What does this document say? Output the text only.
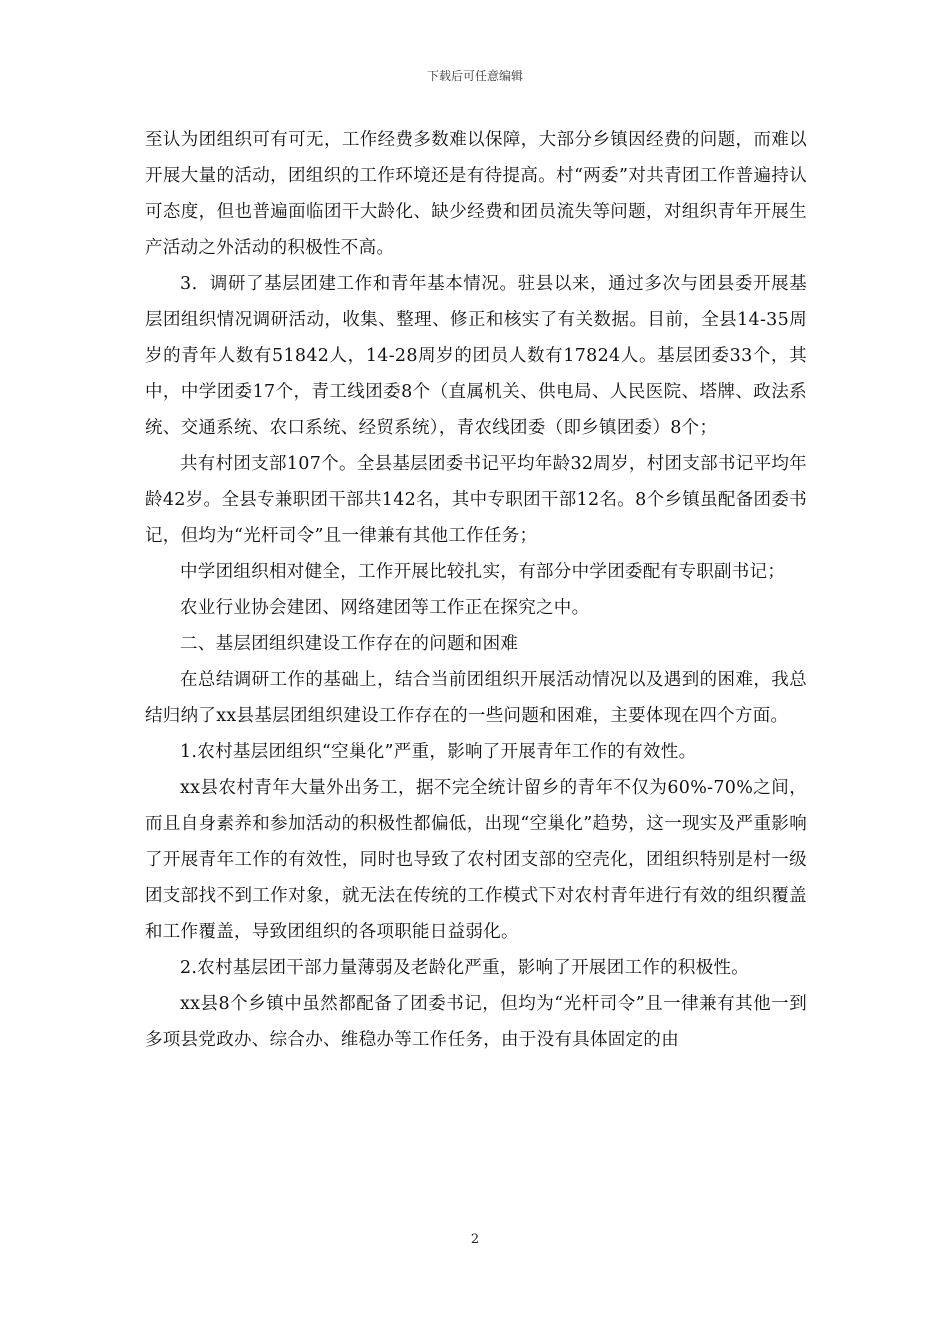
下载后可任意编辑

至认为团组织可有可无，工作经费多数难以保障，大部分乡镇因经费的问题，而难以开展大量的活动，团组织的工作环境还是有待提高。村“两委”对共青团工作普遍持认可态度，但也普遍面临团干大龄化、缺少经费和团员流失等问题，对组织青年开展生产活动之外活动的积极性不高。

3．调研了基层团建工作和青年基本情况。驻县以来，通过多次与团县委开展基层团组织情况调研活动，收集、整理、修正和核实了有关数据。目前，全县14-35周岁的青年人数有51842人，14-28周岁的团员人数有17824人。基层团委33个，其中，中学团委17个，青工线团委8个（直属机关、供电局、人民医院、塔牌、政法系统、交通系统、农口系统、经贸系统），青农线团委（即乡镇团委）8个；

共有村团支部107个。全县基层团委书记平均年龄32周岁，村团支部书记平均年龄42岁。全县专兼职团干部共142名，其中专职团干部12名。8个乡镇虽配备团委书记，但均为“光杆司令”且一律兼有其他工作任务；

中学团组织相对健全，工作开展比较扎实，有部分中学团委配有专职副书记；

农业行业协会建团、网络建团等工作正在探究之中。

二、基层团组织建设工作存在的问题和困难

在总结调研工作的基础上，结合当前团组织开展活动情况以及遇到的困难，我总结归纳了xx县基层团组织建设工作存在的一些问题和困难，主要体现在四个方面。

1.农村基层团组织“空巢化”严重，影响了开展青年工作的有效性。

xx县农村青年大量外出务工，据不完全统计留乡的青年不仅为60%-70%之间，而且自身素养和参加活动的积极性都偏低，出现“空巢化”趋势，这一现实及严重影响了开展青年工作的有效性，同时也导致了农村团支部的空壳化，团组织特别是村一级团支部找不到工作对象，就无法在传统的工作模式下对农村青年进行有效的组织覆盖和工作覆盖，导致团组织的各项职能日益弱化。

2.农村基层团干部力量薄弱及老龄化严重，影响了开展团工作的积极性。

xx县8个乡镇中虽然都配备了团委书记，但均为“光杆司令”且一律兼有其他一到多项县党政办、综合办、维稳办等工作任务，由于没有具体固定的由

2
